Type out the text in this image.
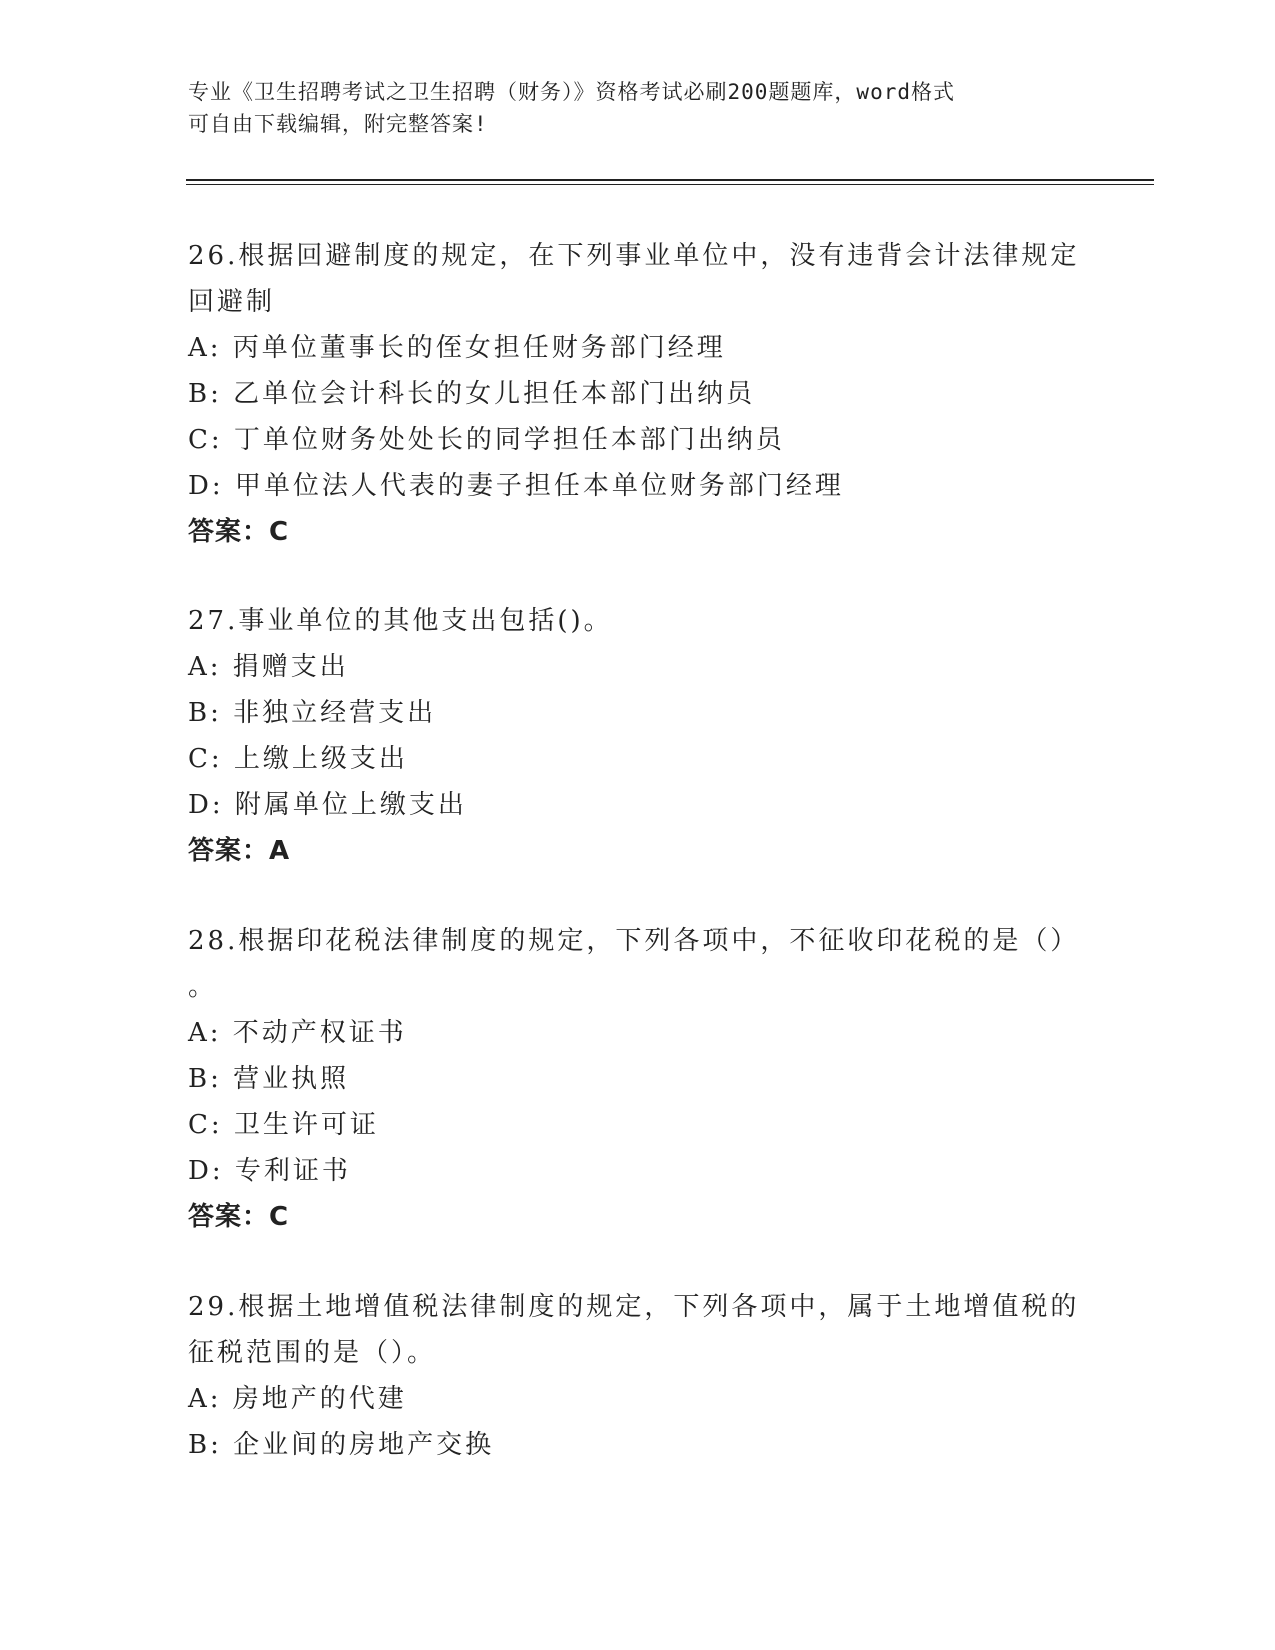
专业《卫生招聘考试之卫生招聘（财务）》资格考试必刷200题题库，word格式
可自由下载编辑，附完整答案!
26.根据回避制度的规定，在下列事业单位中，没有违背会计法律规定
回避制
A: 丙单位董事长的侄女担任财务部门经理
B: 乙单位会计科长的女儿担任本部门出纳员
C: 丁单位财务处处长的同学担任本部门出纳员
D: 甲单位法人代表的妻子担任本单位财务部门经理
答案：C
27.事业单位的其他支出包括()。
A: 捐赠支出
B: 非独立经营支出
C: 上缴上级支出
D: 附属单位上缴支出
答案：A
28.根据印花税法律制度的规定，下列各项中，不征收印花税的是（）
。
A: 不动产权证书
B: 营业执照
C: 卫生许可证
D: 专利证书
答案：C
29.根据土地增值税法律制度的规定，下列各项中，属于土地增值税的
征税范围的是（）。
A: 房地产的代建
B: 企业间的房地产交换
